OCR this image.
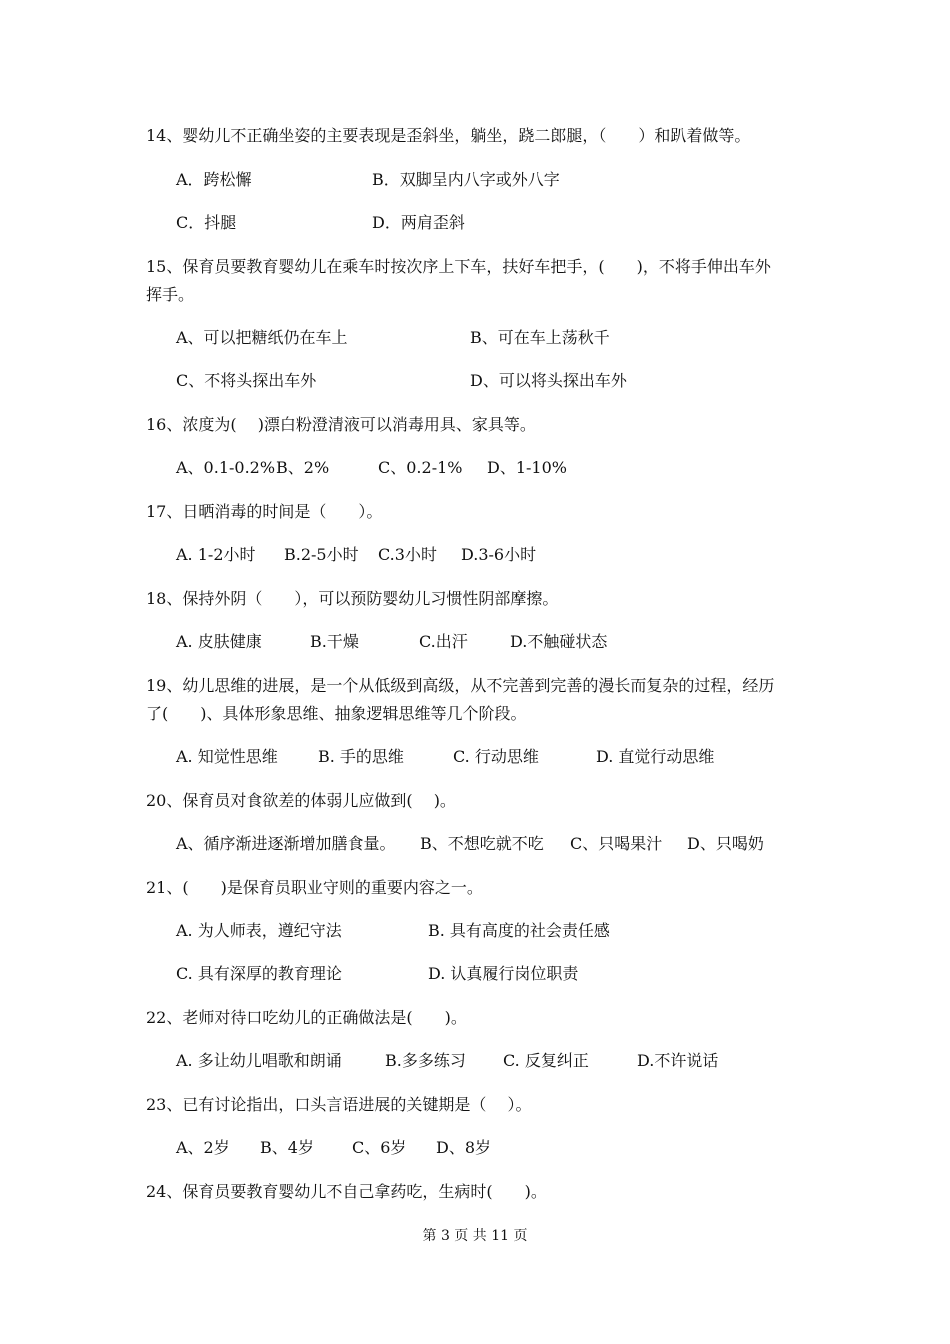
14、婴幼儿不正确坐姿的主要表现是歪斜坐，躺坐，跷二郎腿，（　　）和趴着做等。
A．跨松懈	B．双脚呈内八字或外八字
C．抖腿	D．两肩歪斜
15、保育员要教育婴幼儿在乘车时按次序上下车，扶好车把手，(　　)，不将手伸出车外
挥手。
A、可以把糖纸仍在车上	B、可在车上荡秋千
C、不将头探出车外	D、可以将头探出车外
16、浓度为(　 )漂白粉澄清液可以消毒用具、家具等。
A、0.1-0.2% B、2%	C、0.2-1% D、1-10%
17、日晒消毒的时间是（　　）。
A. 1-2小时 B.2-5小时 C.3小时 D.3-6小时
18、保持外阴（　　），可以预防婴幼儿习惯性阴部摩擦。
A. 皮肤健康	B.干燥	C.出汗	D.不触碰状态
19、幼儿思维的进展，是一个从低级到高级，从不完善到完善的漫长而复杂的过程，经历
了(　　)、具体形象思维、抽象逻辑思维等几个阶段。
A. 知觉性思维	B. 手的思维	C. 行动思维	D. 直觉行动思维
20、保育员对食欲差的体弱儿应做到(　 )。
A、循序渐进逐渐增加膳食量。 B、不想吃就不吃 C、只喝果汁 D、只喝奶
21、(　　)是保育员职业守则的重要内容之一。
A. 为人师表，遵纪守法	B. 具有高度的社会责任感
C. 具有深厚的教育理论	D. 认真履行岗位职责
22、老师对待口吃幼儿的正确做法是(　　)。
A. 多让幼儿唱歌和朗诵	B.多多练习 C. 反复纠正	D.不许说话
23、已有讨论指出，口头言语进展的关键期是（　 ）。
A、2岁 B、4岁 C、6岁 D、8岁
24、保育员要教育婴幼儿不自己拿药吃，生病时(　　)。
第 3 页 共 11 页
